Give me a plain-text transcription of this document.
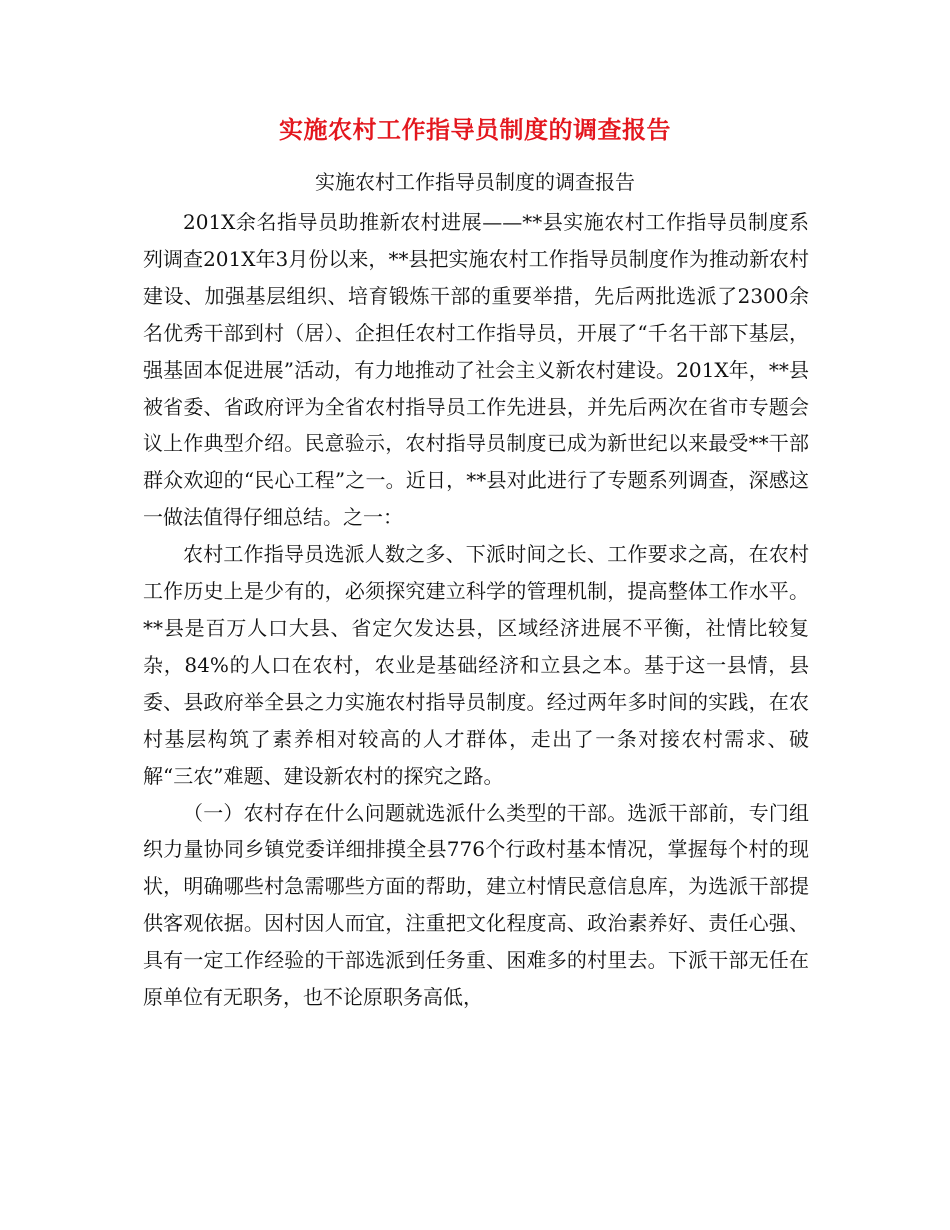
实施农村工作指导员制度的调查报告
实施农村工作指导员制度的调查报告

201X余名指导员助推新农村进展——**县实施农村工作指导员制度系列调查201X年3月份以来，**县把实施农村工作指导员制度作为推动新农村建设、加强基层组织、培育锻炼干部的重要举措，先后两批选派了2300余名优秀干部到村（居）、企担任农村工作指导员，开展了“千名干部下基层，强基固本促进展”活动，有力地推动了社会主义新农村建设。201X年，**县被省委、省政府评为全省农村指导员工作先进县，并先后两次在省市专题会议上作典型介绍。民意验示，农村指导员制度已成为新世纪以来最受**干部群众欢迎的“民心工程”之一。近日，**县对此进行了专题系列调查，深感这一做法值得仔细总结。之一：

农村工作指导员选派人数之多、下派时间之长、工作要求之高，在农村工作历史上是少有的，必须探究建立科学的管理机制，提高整体工作水平。**县是百万人口大县、省定欠发达县，区域经济进展不平衡，社情比较复杂，84%的人口在农村，农业是基础经济和立县之本。基于这一县情，县委、县政府举全县之力实施农村指导员制度。经过两年多时间的实践，在农村基层构筑了素养相对较高的人才群体，走出了一条对接农村需求、破解“三农”难题、建设新农村的探究之路。

（一）农村存在什么问题就选派什么类型的干部。选派干部前，专门组织力量协同乡镇党委详细排摸全县776个行政村基本情况，掌握每个村的现状，明确哪些村急需哪些方面的帮助，建立村情民意信息库，为选派干部提供客观依据。因村因人而宜，注重把文化程度高、政治素养好、责任心强、具有一定工作经验的干部选派到任务重、困难多的村里去。下派干部无任在原单位有无职务，也不论原职务高低，
